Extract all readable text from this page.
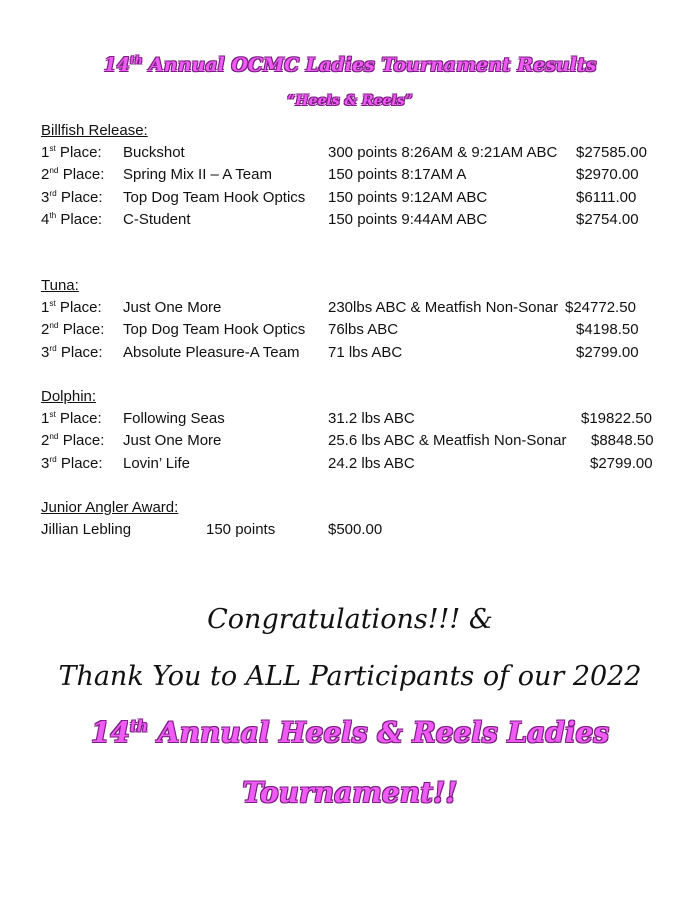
14th Annual OCMC Ladies Tournament Results
“Heels & Reels”
Billfish Release:
1st Place: Buckshot	300 points 8:26AM & 9:21AM ABC $27585.00
2nd Place: Spring Mix II – A Team	150 points 8:17AM A	$2970.00
3rd Place: Top Dog Team Hook Optics 150 points 9:12AM ABC	$6111.00
4th Place: C-Student	150 points 9:44AM ABC	$2754.00
Tuna:
1st Place: Just One More	230lbs ABC & Meatfish Non-Sonar $24772.50
2nd Place: Top Dog Team Hook Optics 76lbs ABC	$4198.50
3rd Place: Absolute Pleasure-A Team 71 lbs ABC	$2799.00
Dolphin:
1st Place: Following Seas	31.2 lbs ABC	$19822.50
2nd Place: Just One More	25.6 lbs ABC & Meatfish Non-Sonar $8848.50
3rd Place: Lovin’ Life	24.2 lbs ABC	$2799.00
Junior Angler Award:
Jillian Lebling	150 points	$500.00
Congratulations!!! &
Thank You to ALL Participants of our 2022
14th Annual Heels & Reels Ladies
Tournament!!
